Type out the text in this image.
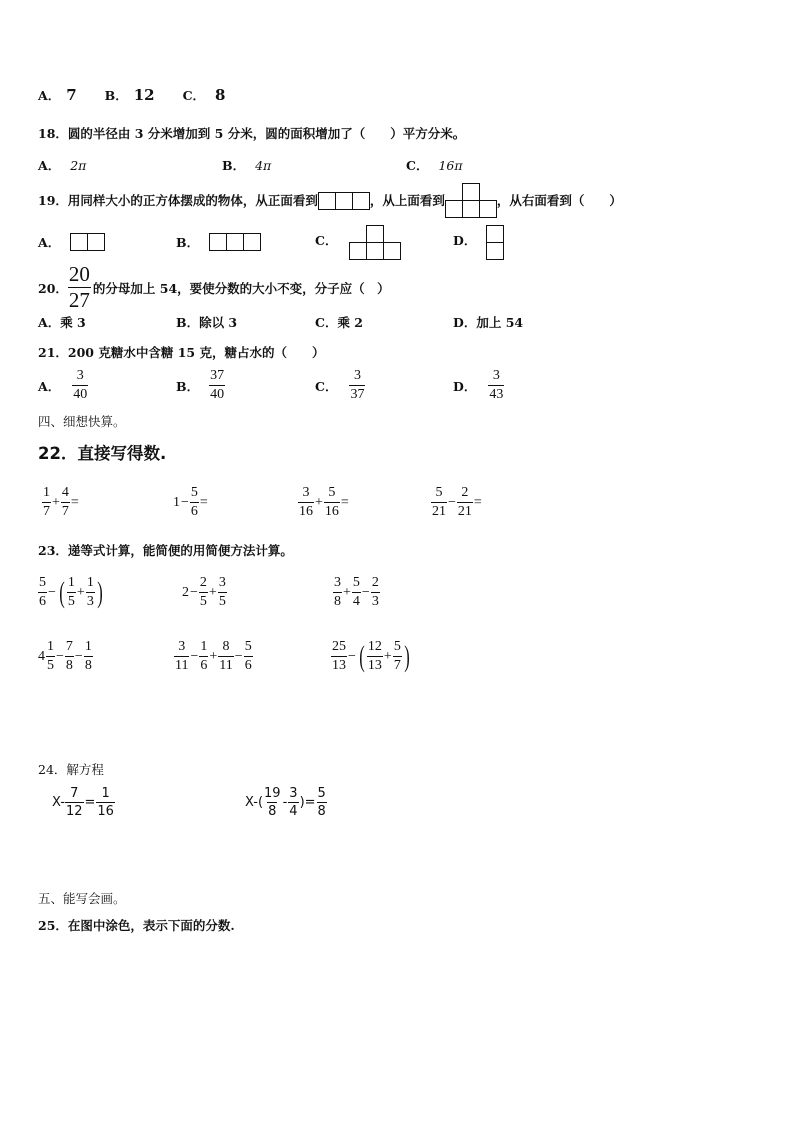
A． 7 B． 12 C． 8
18．圆的半径由 3 分米增加到 5 分米，圆的面积增加了（　　）平方分米。
A． 2π	B． 4π	C． 16π
19．用同样大小的正方体摆成的物体，从正面看到	，从上面看到	，从右面看到（　　）
A．	B．	C．	D．
20． $\frac{20}{27}$ 的分母加上 54，要使分数的大小不变，分子应（　）
A．乘 3	B．除以 3	C．乘 2	D．加上 54
21．200 克糖水中含糖 15 克，糖占水的（　　）
A． $\frac{3}{40}$	B． $\frac{37}{40}$	C． $\frac{3}{37}$	D． $\frac{3}{43}$
四、细想快算。
22．直接写得数.
$\frac{1}{7} + \frac{4}{7}$ =	$1 - \frac{5}{6}$ =	$\frac{3}{16} + \frac{5}{16}$ =	$\frac{5}{21} - \frac{2}{21}$ =
23．递等式计算，能简便的用简便方法计算。
$\frac{5}{6}$ − ( $\frac{1}{5} + \frac{1}{3}$ )	$2 - \frac{2}{5} + \frac{3}{5}$	$\frac{3}{8} + \frac{5}{4} - \frac{2}{3}$
$4 \frac{1}{5} - \frac{7}{8} - \frac{1}{8}$	$\frac{3}{11} - \frac{1}{6} + \frac{8}{11} - \frac{5}{6}$	$\frac{25}{13}$ − ( $\frac{12}{13} + \frac{5}{7}$ )
24．解方程
$X- \frac{7}{12} = \frac{1}{16}$	$X-( \frac{19}{8} - \frac{3}{4}$ )= $\frac{5}{8}$
五、能写会画。
25．在图中涂色，表示下面的分数.
